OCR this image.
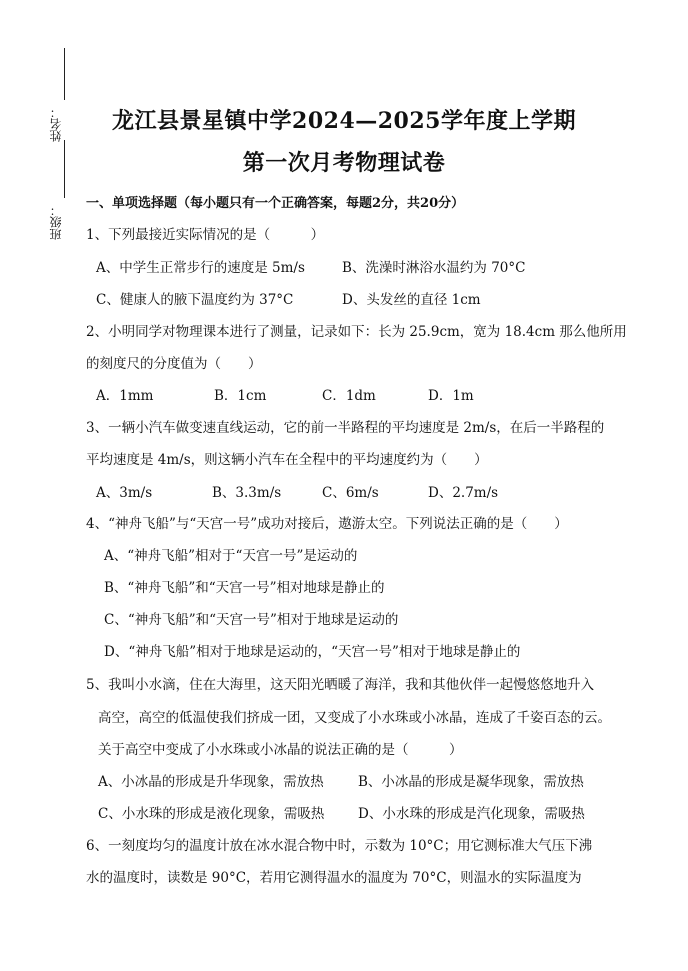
姓名：
班级：
龙江县景星镇中学2024—2025学年度上学期
第一次月考物理试卷
一、单项选择题（每小题只有一个正确答案，每题2分，共20分）
1、下列最接近实际情况的是（　　　）
A、中学生正常步行的速度是 5m/s	B、洗澡时淋浴水温约为 70°C
C、健康人的腋下温度约为 37°C	D、头发丝的直径 1cm
2、小明同学对物理课本进行了测量，记录如下：长为 25.9cm，宽为 18.4cm 那么他所用
的刻度尺的分度值为（　　）
A．1mm	B．1cm	C．1dm	D．1m
3、一辆小汽车做变速直线运动，它的前一半路程的平均速度是 2m/s，在后一半路程的
平均速度是 4m/s，则这辆小汽车在全程中的平均速度约为（　　）
A、3m/s	B、3.3m/s	C、6m/s	D、2.7m/s
4、“神舟飞船”与“天宫一号”成功对接后，遨游太空。下列说法正确的是（　　）
A、“神舟飞船”相对于“天宫一号”是运动的
B、“神舟飞船”和“天宫一号”相对地球是静止的
C、“神舟飞船”和“天宫一号”相对于地球是运动的
D、“神舟飞船”相对于地球是运动的，“天宫一号”相对于地球是静止的
5、我叫小水滴，住在大海里，这天阳光晒暖了海洋，我和其他伙伴一起慢悠悠地升入
高空，高空的低温使我们挤成一团，又变成了小水珠或小冰晶，连成了千姿百态的云。
关于高空中变成了小水珠或小冰晶的说法正确的是（　　　）
A、小冰晶的形成是升华现象，需放热	B、小冰晶的形成是凝华现象，需放热
C、小水珠的形成是液化现象，需吸热 D、小水珠的形成是汽化现象，需吸热
6、一刻度均匀的温度计放在冰水混合物中时，示数为 10°C；用它测标准大气压下沸
水的温度时，读数是 90°C，若用它测得温水的温度为 70°C，则温水的实际温度为
